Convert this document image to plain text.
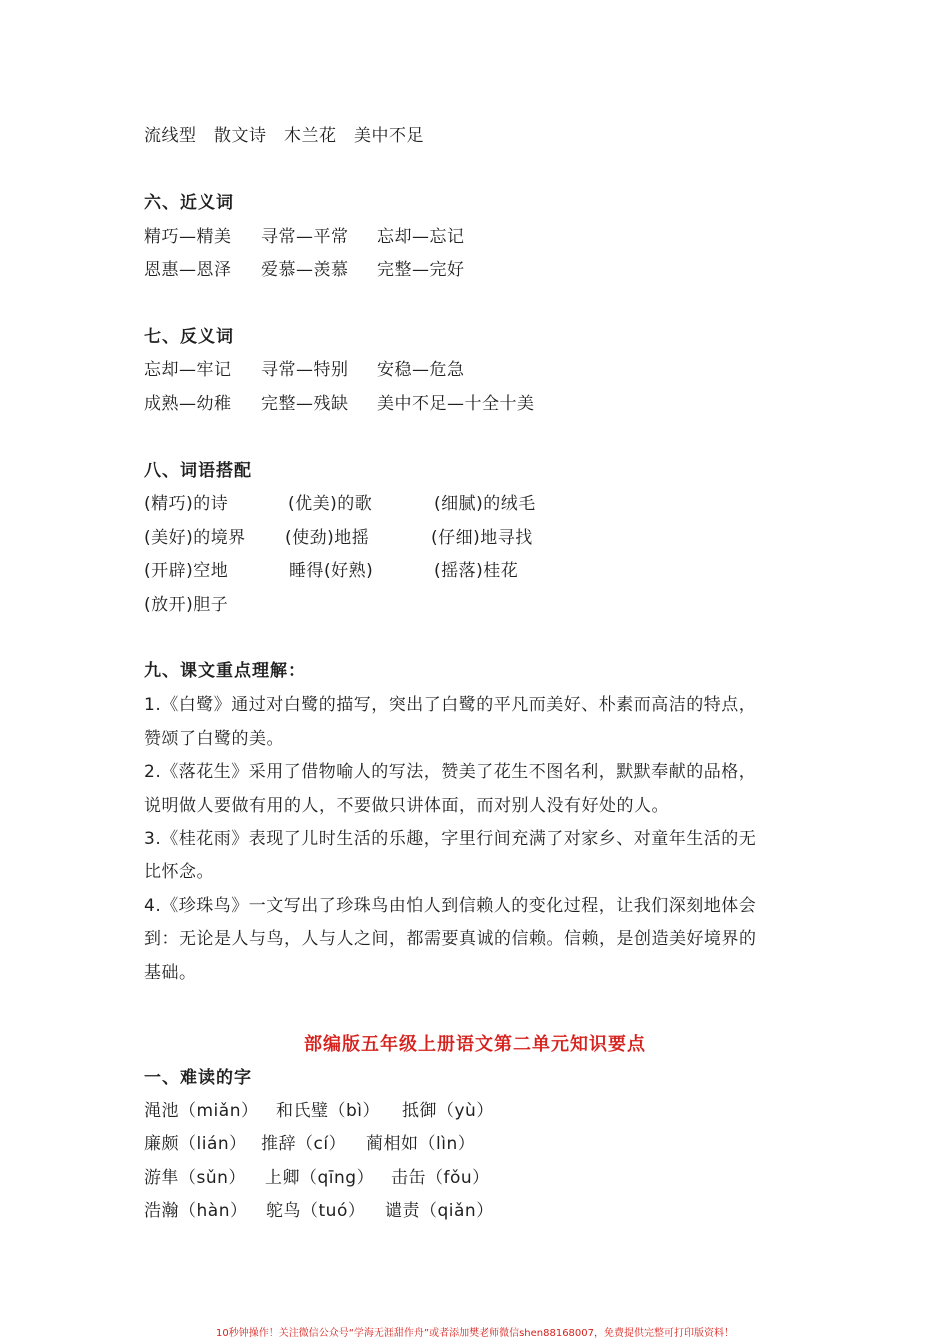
流线型　散文诗　木兰花　美中不足
六、近义词
精巧—精美 寻常—平常 忘却—忘记
恩惠—恩泽 爱慕—羡慕 完整—完好
七、反义词
忘却—牢记 寻常—特别 安稳—危急
成熟—幼稚 完整—残缺 美中不足—十全十美
八、词语搭配
(精巧)的诗	(优美)的歌	(细腻)的绒毛
(美好)的境界 (使劲)地摇	(仔细)地寻找
(开辟)空地	睡得(好熟)	(摇落)桂花
(放开)胆子
九、课文重点理解：
1.《白鹭》通过对白鹭的描写，突出了白鹭的平凡而美好、朴素而高洁的特点，
赞颂了白鹭的美。
2.《落花生》采用了借物喻人的写法，赞美了花生不图名利，默默奉献的品格，
说明做人要做有用的人，不要做只讲体面，而对别人没有好处的人。
3.《桂花雨》表现了儿时生活的乐趣，字里行间充满了对家乡、对童年生活的无
比怀念。
4.《珍珠鸟》一文写出了珍珠鸟由怕人到信赖人的变化过程，让我们深刻地体会
到：无论是人与鸟，人与人之间，都需要真诚的信赖。信赖，是创造美好境界的
基础。
部编版五年级上册语文第二单元知识要点
一、难读的字
渑池（miǎn） 和氏璧（bì） 抵御（yù）
廉颇（lián） 推辞（cí） 蔺相如（lìn）
游隼（sǔn） 上卿（qīng） 击缶（fǒu）
浩瀚（hàn） 鸵鸟（tuó） 谴责（qiǎn）
10秒钟操作！关注微信公众号“学海无涯甜作舟”或者添加樊老师微信shen88168007，免费提供完整可打印版资料！
